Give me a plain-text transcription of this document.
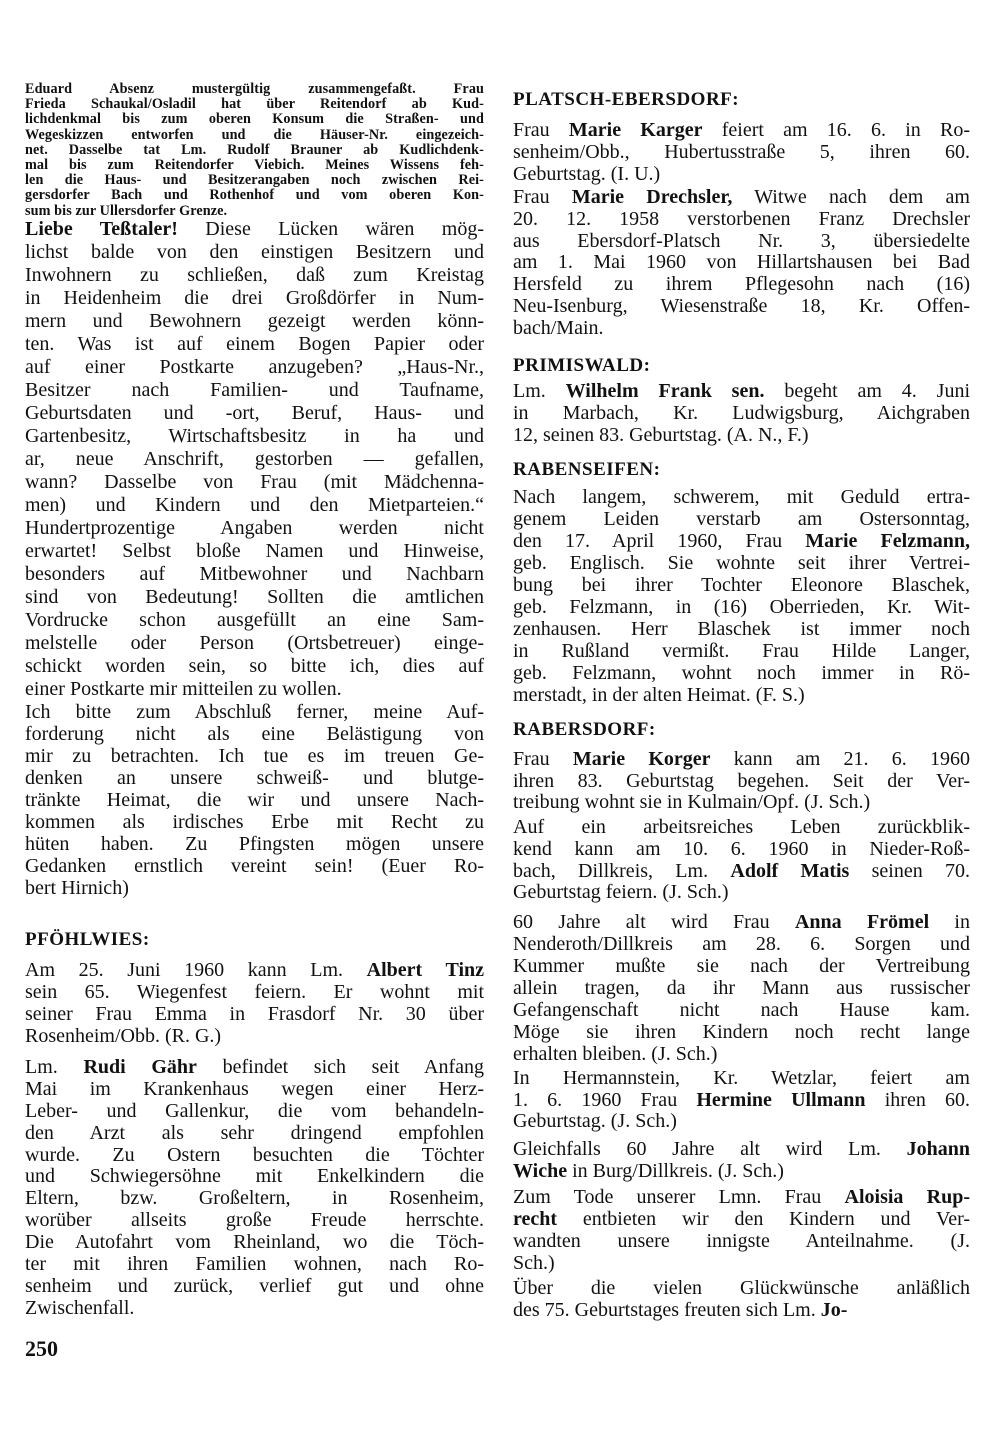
PFÖHLWIES:
250
PLATSCH-EBERSDORF:
PRIMISWALD:
RABENSEIFEN:
RABERSDORF:
Eduard Absenz mustergültig zusammengefaßt. Frau
Frieda Schaukal/Osladil hat über Reitendorf ab Kud-
lichdenkmal bis zum oberen Konsum die Straßen- und
Wegeskizzen entworfen und die Häuser-Nr. eingezeich-
net. Dasselbe tat Lm. Rudolf Brauner ab Kudlichdenk-
mal bis zum Reitendorfer Viebich. Meines Wissens feh-
len die Haus- und Besitzerangaben noch zwischen Rei-
gersdorfer Bach und Rothenhof und vom oberen Kon-
sum bis zur Ullersdorfer Grenze.
Liebe Teßtaler! Diese Lücken wären mög-
lichst balde von den einstigen Besitzern und
Inwohnern zu schließen, daß zum Kreistag
in Heidenheim die drei Großdörfer in Num-
mern und Bewohnern gezeigt werden könn-
ten. Was ist auf einem Bogen Papier oder
auf einer Postkarte anzugeben? „Haus-Nr.,
Besitzer nach Familien- und Taufname,
Geburtsdaten und -ort, Beruf, Haus- und
Gartenbesitz, Wirtschaftsbesitz in ha und
ar, neue Anschrift, gestorben — gefallen,
wann? Dasselbe von Frau (mit Mädchenna-
men) und Kindern und den Mietparteien.“
Hundertprozentige Angaben werden nicht
erwartet! Selbst bloße Namen und Hinweise,
besonders auf Mitbewohner und Nachbarn
sind von Bedeutung! Sollten die amtlichen
Vordrucke schon ausgefüllt an eine Sam-
melstelle oder Person (Ortsbetreuer) einge-
schickt worden sein, so bitte ich, dies auf
einer Postkarte mir mitteilen zu wollen.
Ich bitte zum Abschluß ferner, meine Auf-
forderung nicht als eine Belästigung von
mir zu betrachten. Ich tue es im treuen Ge-
denken an unsere schweiß- und blutge-
tränkte Heimat, die wir und unsere Nach-
kommen als irdisches Erbe mit Recht zu
hüten haben. Zu Pfingsten mögen unsere
Gedanken ernstlich vereint sein! (Euer Ro-
bert Hirnich)
Am 25. Juni 1960 kann Lm. Albert Tinz
sein 65. Wiegenfest feiern. Er wohnt mit
seiner Frau Emma in Frasdorf Nr. 30 über
Rosenheim/Obb. (R. G.)
Lm. Rudi Gähr befindet sich seit Anfang
Mai im Krankenhaus wegen einer Herz-
Leber- und Gallenkur, die vom behandeln-
den Arzt als sehr dringend empfohlen
wurde. Zu Ostern besuchten die Töchter
und Schwiegersöhne mit Enkelkindern die
Eltern, bzw. Großeltern, in Rosenheim,
worüber allseits große Freude herrschte.
Die Autofahrt vom Rheinland, wo die Töch-
ter mit ihren Familien wohnen, nach Ro-
senheim und zurück, verlief gut und ohne
Zwischenfall.
Frau Marie Karger feiert am 16. 6. in Ro-
senheim/Obb., Hubertusstraße 5, ihren 60.
Geburtstag. (I. U.)
Frau Marie Drechsler, Witwe nach dem am
20. 12. 1958 verstorbenen Franz Drechsler
aus Ebersdorf-Platsch Nr. 3, übersiedelte
am 1. Mai 1960 von Hillartshausen bei Bad
Hersfeld zu ihrem Pflegesohn nach (16)
Neu-Isenburg, Wiesenstraße 18, Kr. Offen-
bach/Main.
Lm. Wilhelm Frank sen. begeht am 4. Juni
in Marbach, Kr. Ludwigsburg, Aichgraben
12, seinen 83. Geburtstag. (A. N., F.)
Nach langem, schwerem, mit Geduld ertra-
genem Leiden verstarb am Ostersonntag,
den 17. April 1960, Frau Marie Felzmann,
geb. Englisch. Sie wohnte seit ihrer Vertrei-
bung bei ihrer Tochter Eleonore Blaschek,
geb. Felzmann, in (16) Oberrieden, Kr. Wit-
zenhausen. Herr Blaschek ist immer noch
in Rußland vermißt. Frau Hilde Langer,
geb. Felzmann, wohnt noch immer in Rö-
merstadt, in der alten Heimat. (F. S.)
Frau Marie Korger kann am 21. 6. 1960
ihren 83. Geburtstag begehen. Seit der Ver-
treibung wohnt sie in Kulmain/Opf. (J. Sch.)
Auf ein arbeitsreiches Leben zurückblik-
kend kann am 10. 6. 1960 in Nieder-Roß-
bach, Dillkreis, Lm. Adolf Matis seinen 70.
Geburtstag feiern. (J. Sch.)
60 Jahre alt wird Frau Anna Frömel in
Nenderoth/Dillkreis am 28. 6. Sorgen und
Kummer mußte sie nach der Vertreibung
allein tragen, da ihr Mann aus russischer
Gefangenschaft nicht nach Hause kam.
Möge sie ihren Kindern noch recht lange
erhalten bleiben. (J. Sch.)
In Hermannstein, Kr. Wetzlar, feiert am
1. 6. 1960 Frau Hermine Ullmann ihren 60.
Geburtstag. (J. Sch.)
Gleichfalls 60 Jahre alt wird Lm. Johann
Wiche in Burg/Dillkreis. (J. Sch.)
Zum Tode unserer Lmn. Frau Aloisia Rup-
recht entbieten wir den Kindern und Ver-
wandten unsere innigste Anteilnahme. (J.
Sch.)
Über die vielen Glückwünsche anläßlich
des 75. Geburtstages freuten sich Lm. Jo-
